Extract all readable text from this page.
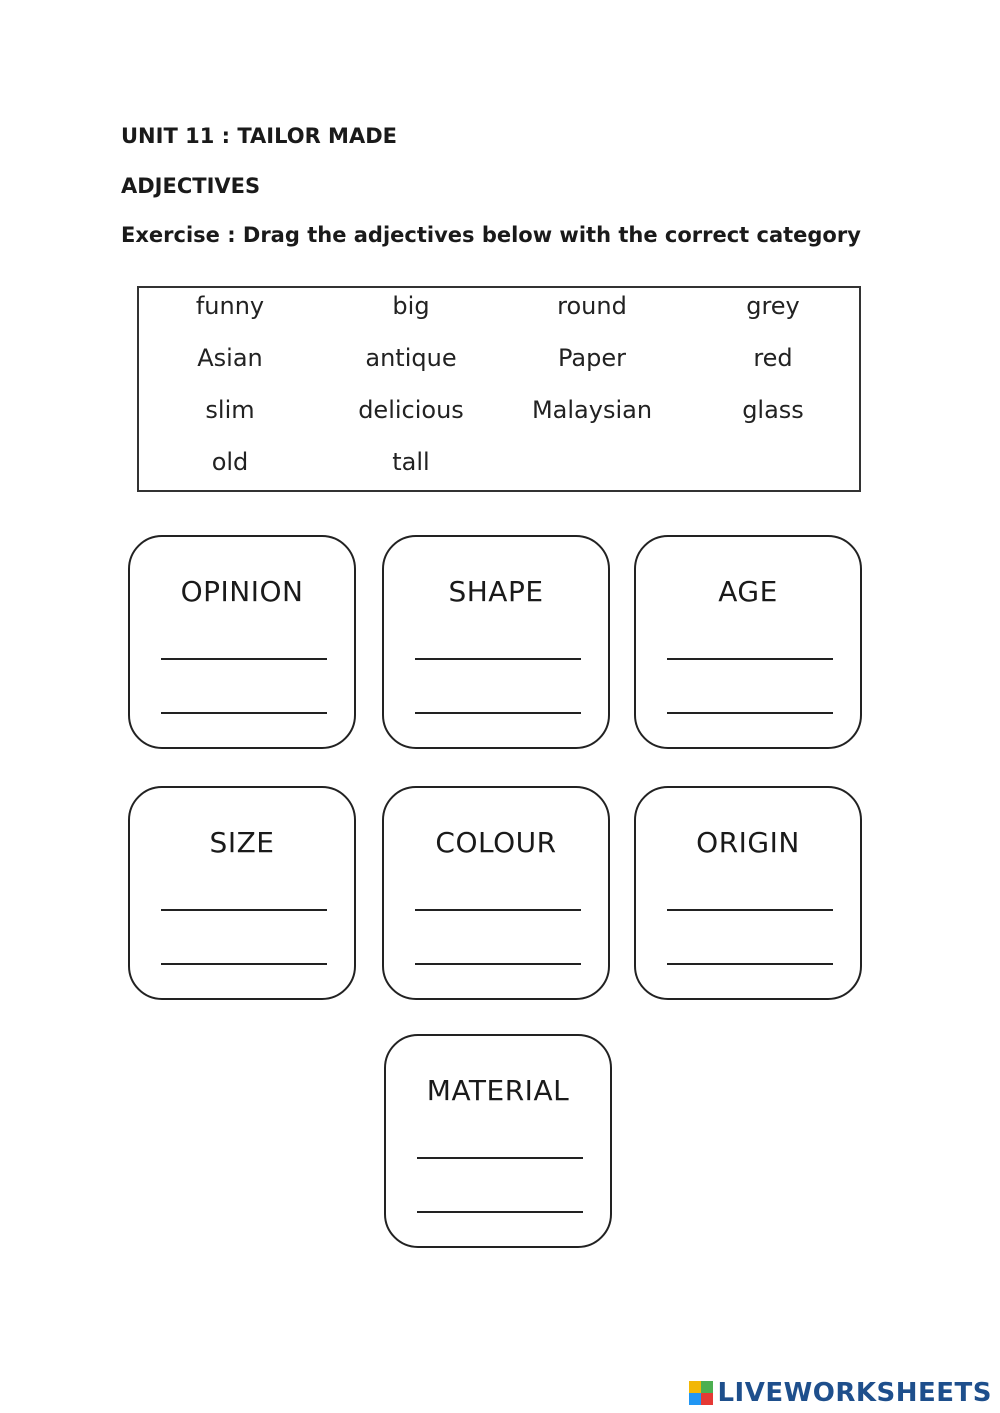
UNIT 11 : TAILOR MADE
ADJECTIVES
Exercise : Drag the adjectives below with the correct category
funny	big	round	grey
Asian	antique	Paper	red
slim	delicious	Malaysian	glass
old	tall
OPINION	SHAPE	AGE
SIZE	COLOUR	ORIGIN
MATERIAL
LIVEWORKSHEETS
